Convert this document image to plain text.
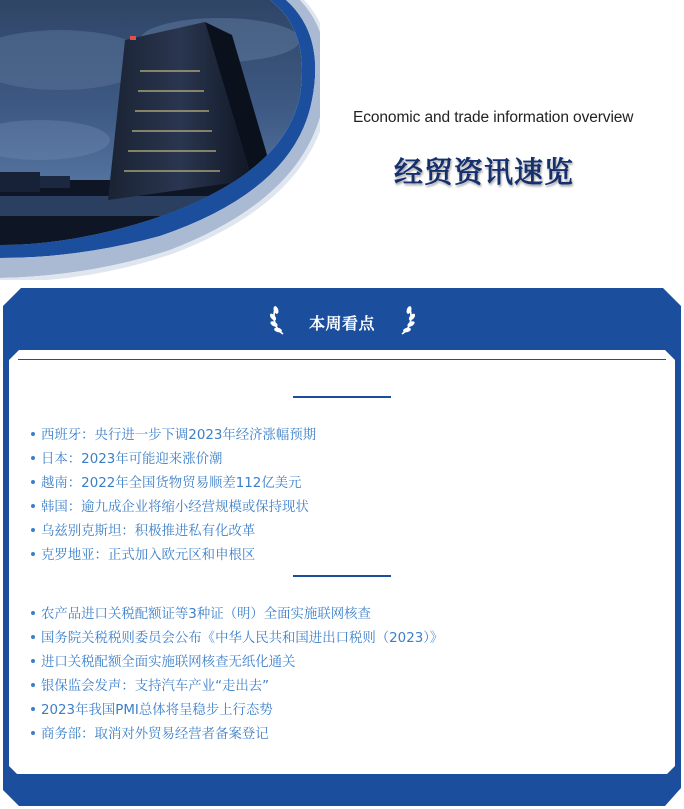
Economic and trade information overview
经贸资讯速览
本周看点
西班牙：央行进一步下调2023年经济涨幅预期
日本：2023年可能迎来涨价潮
越南：2022年全国货物贸易顺差112亿美元
韩国：逾九成企业将缩小经营规模或保持现状
乌兹别克斯坦：积极推进私有化改革
克罗地亚：正式加入欧元区和申根区
农产品进口关税配额证等3种证（明）全面实施联网核查
国务院关税税则委员会公布《中华人民共和国进出口税则（2023）》
进口关税配额全面实施联网核查无纸化通关
银保监会发声：支持汽车产业“走出去”
2023年我国PMI总体将呈稳步上行态势
商务部：取消对外贸易经营者备案登记
